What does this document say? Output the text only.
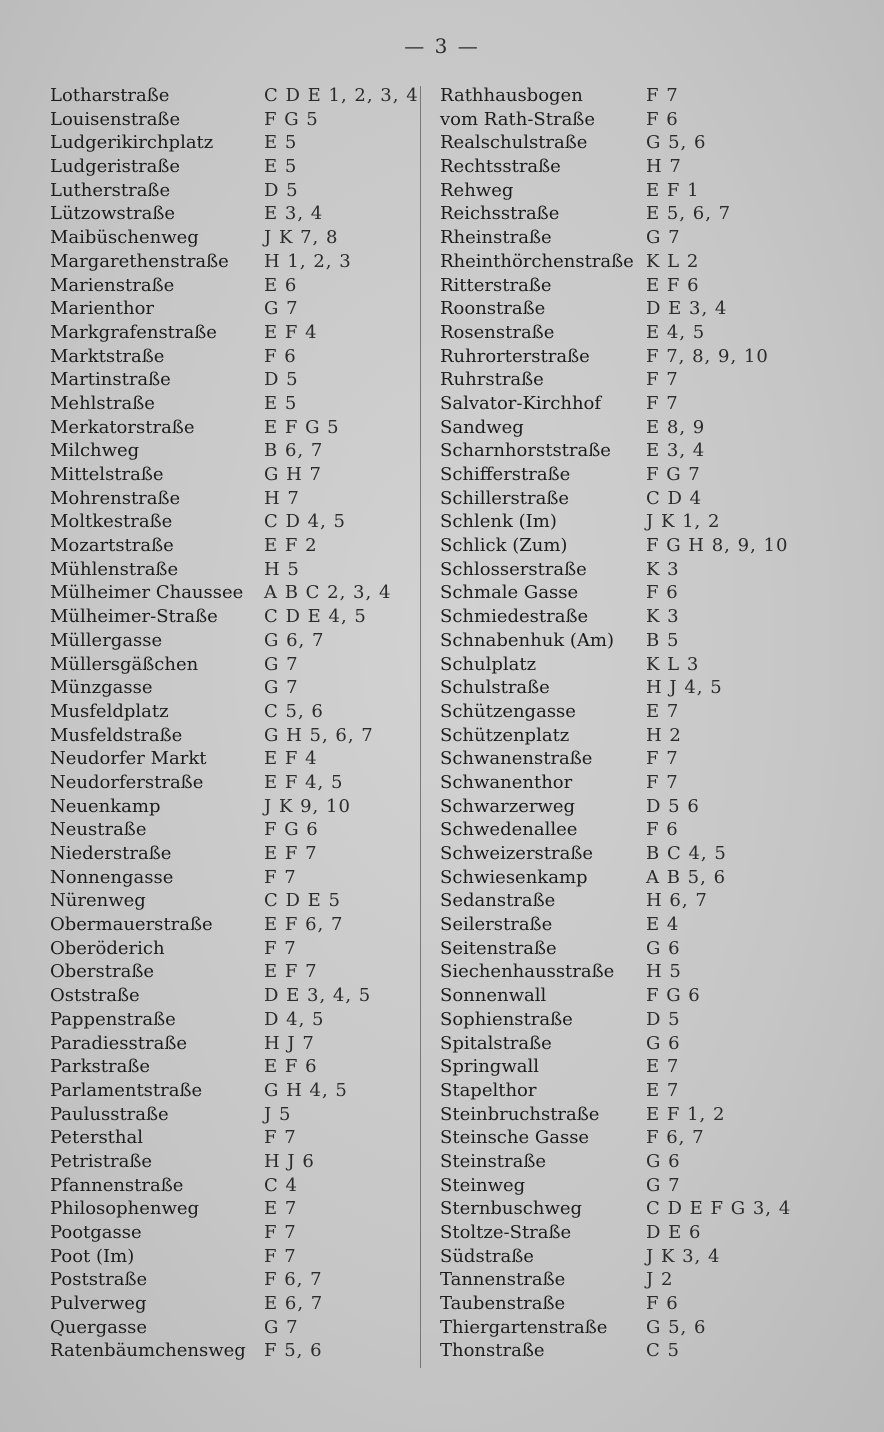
— 3 —
Lotharstraße	C D E 1, 2, 3, 4
Louisenstraße	F G 5
Ludgerikirchplatz	E 5
Ludgeristraße	E 5
Lutherstraße	D 5
Lützowstraße	E 3, 4
Maibüschenweg	J K 7, 8
Margarethenstraße H 1, 2, 3
Marienstraße	E 6
Marienthor	G 7
Markgrafenstraße	E F 4
Marktstraße	F 6
Martinstraße	D 5
Mehlstraße	E 5
Merkatorstraße	E F G 5
Milchweg	B 6, 7
Mittelstraße	G H 7
Mohrenstraße	H 7
Moltkestraße	C D 4, 5
Mozartstraße	E F 2
Mühlenstraße	H 5
Mülheimer Chaussee A B C 2, 3, 4
Mülheimer-Straße	C D E 4, 5
Müllergasse	G 6, 7
Müllersgäßchen	G 7
Münzgasse	G 7
Musfeldplatz	C 5, 6
Musfeldstraße	G H 5, 6, 7
Neudorfer Markt	E F 4
Neudorferstraße	E F 4, 5
Neuenkamp	J K 9, 10
Neustraße	F G 6
Niederstraße	E F 7
Nonnengasse	F 7
Nürenweg	C D E 5
Obermauerstraße	E F 6, 7
Oberöderich	F 7
Oberstraße	E F 7
Oststraße	D E 3, 4, 5
Pappenstraße	D 4, 5
Paradiesstraße	H J 7
Parkstraße	E F 6
Parlamentstraße	G H 4, 5
Paulusstraße	J 5
Petersthal	F 7
Petristraße	H J 6
Pfannenstraße	C 4
Philosophenweg	E 7
Pootgasse	F 7
Poot (Im)	F 7
Poststraße	F 6, 7
Pulverweg	E 6, 7
Quergasse	G 7
Ratenbäumchensweg F 5, 6
Rathhausbogen	F 7
vom Rath-Straße	F 6
Realschulstraße	G 5, 6
Rechtsstraße	H 7
Rehweg	E F 1
Reichsstraße	E 5, 6, 7
Rheinstraße	G 7
Rheinthörchenstraße K L 2
Ritterstraße	E F 6
Roonstraße	D E 3, 4
Rosenstraße	E 4, 5
Ruhrorterstraße	F 7, 8, 9, 10
Ruhrstraße	F 7
Salvator-Kirchhof F 7
Sandweg	E 8, 9
Scharnhorststraße E 3, 4
Schifferstraße	F G 7
Schillerstraße	C D 4
Schlenk (Im)	J K 1, 2
Schlick (Zum)	F G H 8, 9, 10
Schlosserstraße	K 3
Schmale Gasse	F 6
Schmiedestraße	K 3
Schnabenhuk (Am) B 5
Schulplatz	K L 3
Schulstraße	H J 4, 5
Schützengasse	E 7
Schützenplatz	H 2
Schwanenstraße	F 7
Schwanenthor	F 7
Schwarzerweg	D 5 6
Schwedenallee	F 6
Schweizerstraße	B C 4, 5
Schwiesenkamp	A B 5, 6
Sedanstraße	H 6, 7
Seilerstraße	E 4
Seitenstraße	G 6
Siechenhausstraße H 5
Sonnenwall	F G 6
Sophienstraße	D 5
Spitalstraße	G 6
Springwall	E 7
Stapelthor	E 7
Steinbruchstraße	E F 1, 2
Steinsche Gasse	F 6, 7
Steinstraße	G 6
Steinweg	G 7
Sternbuschweg	C D E F G 3, 4
Stoltze-Straße	D E 6
Südstraße	J K 3, 4
Tannenstraße	J 2
Taubenstraße	F 6
Thiergartenstraße G 5, 6
Thonstraße	C 5
